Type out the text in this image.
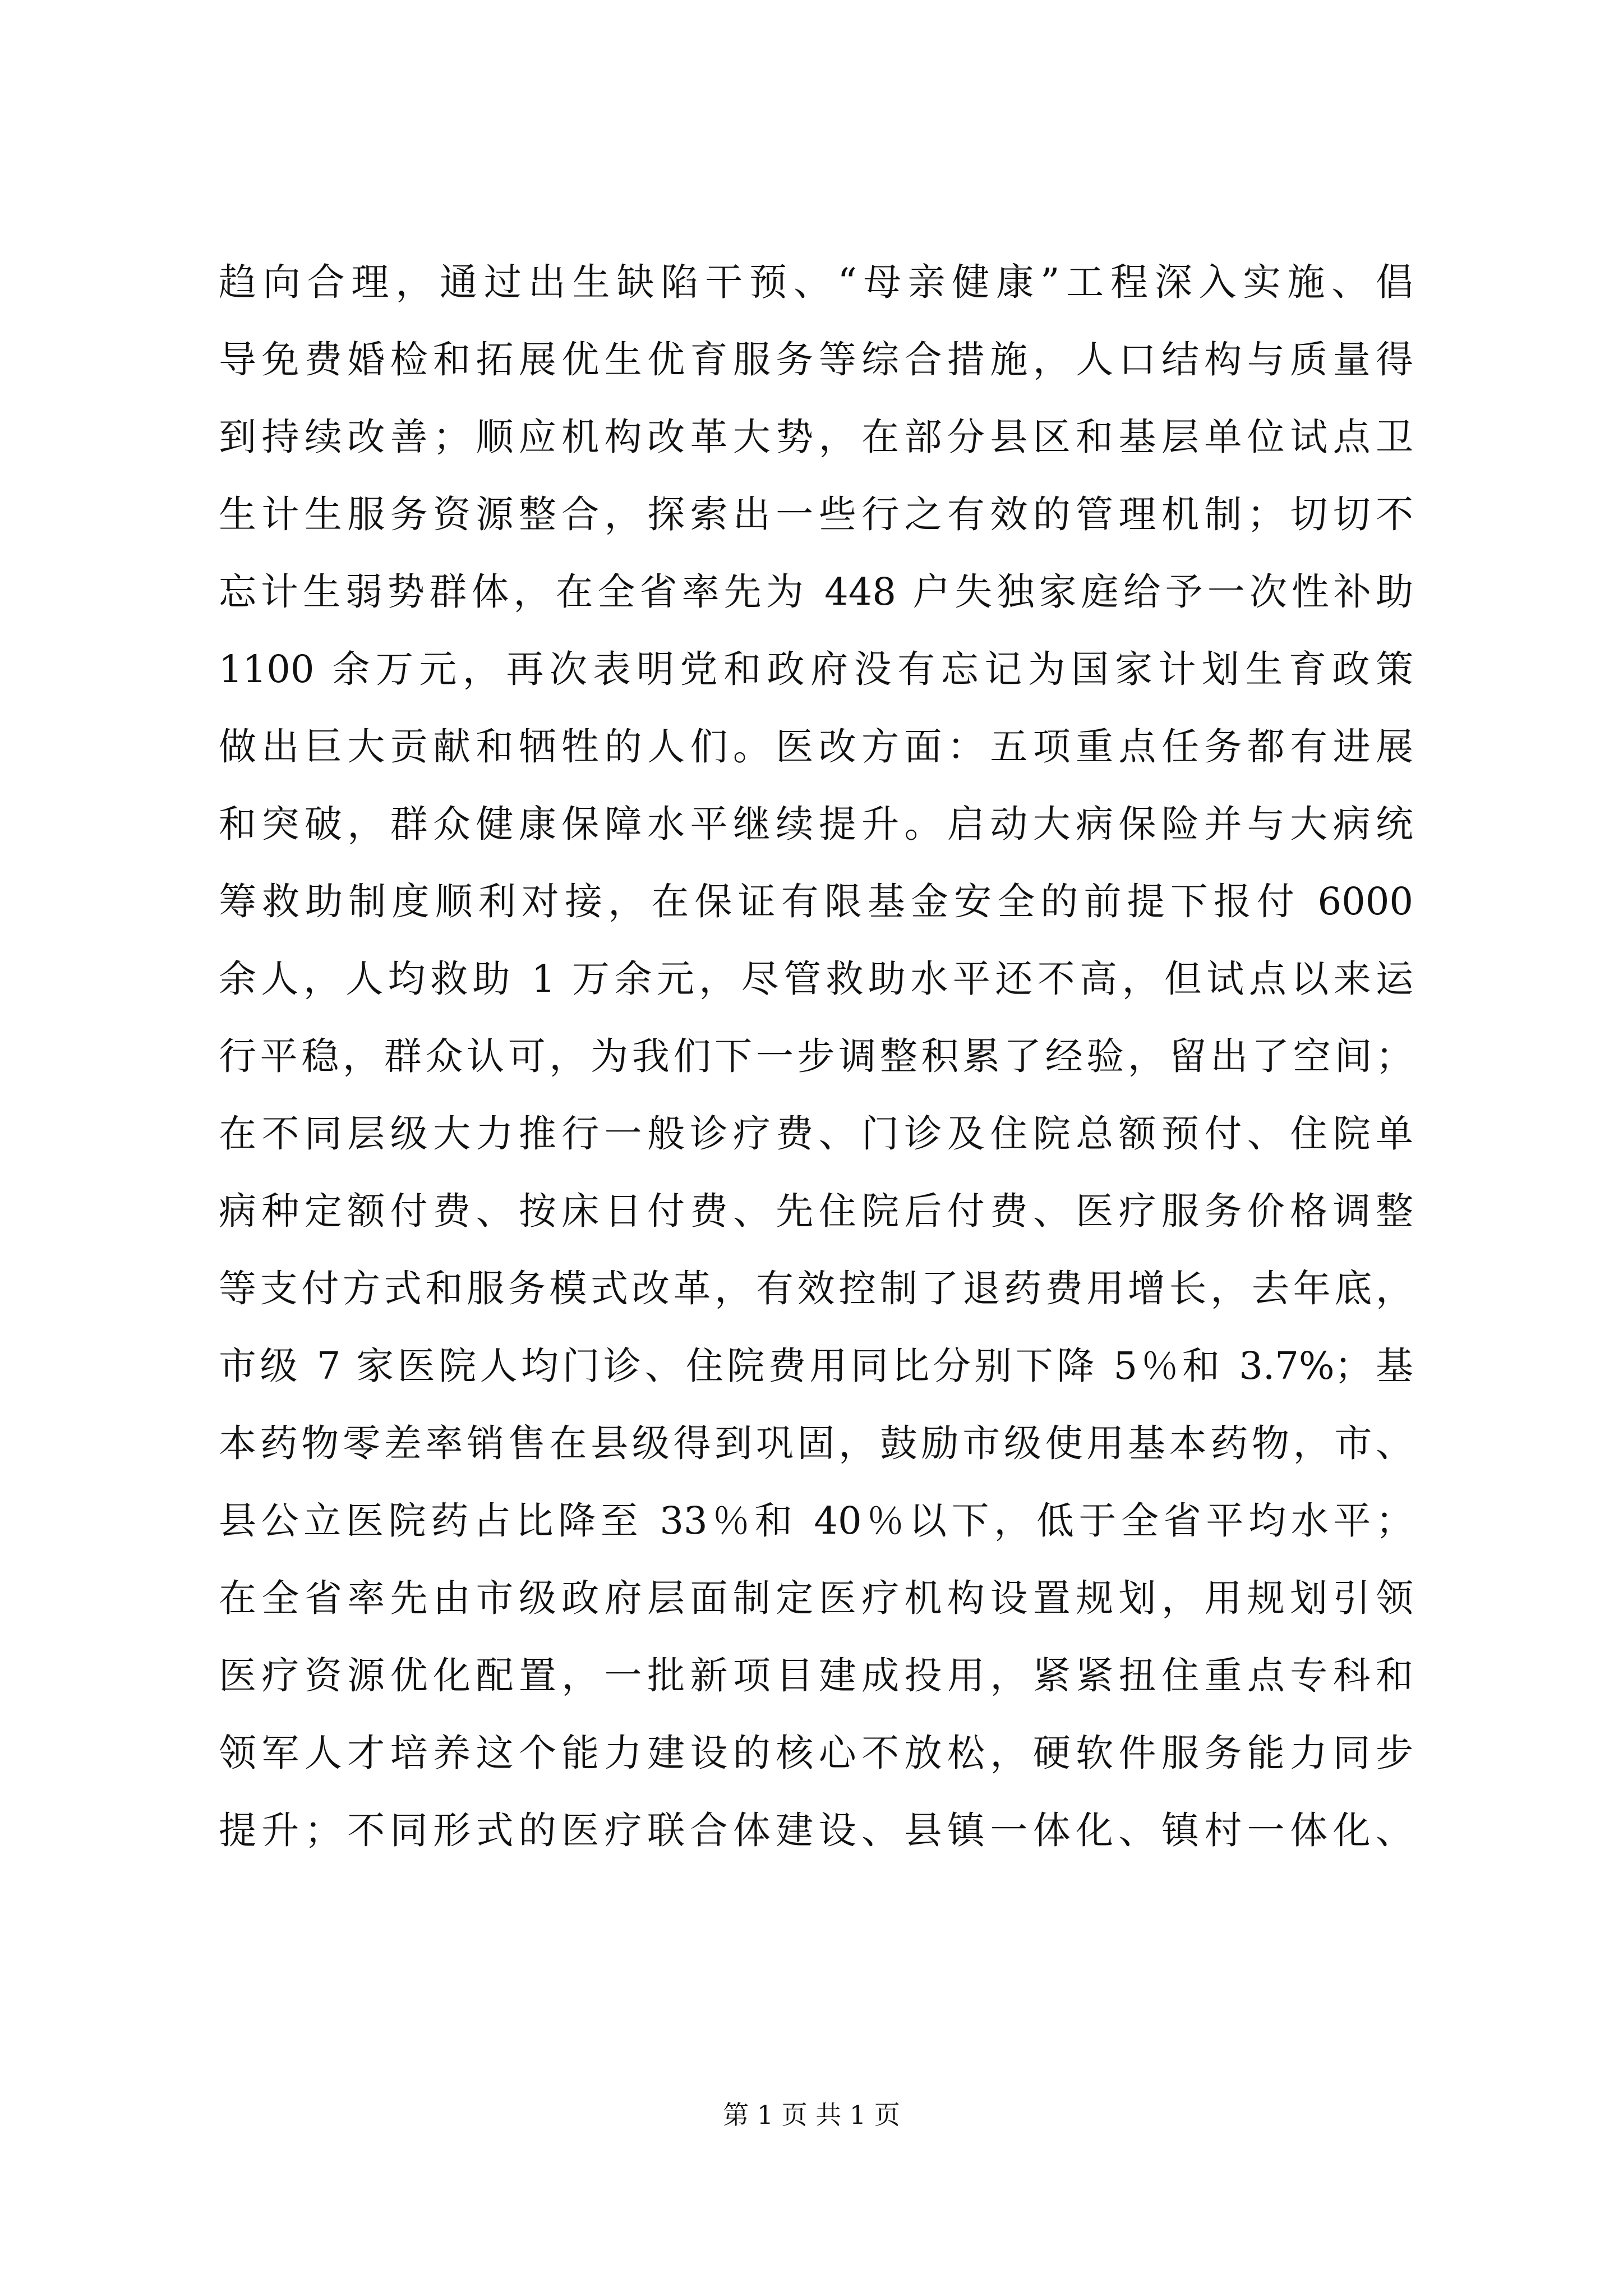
趋向合理，通过出生缺陷干预、“母亲健康”工程深入实施、倡
导免费婚检和拓展优生优育服务等综合措施，人口结构与质量得
到持续改善；顺应机构改革大势，在部分县区和基层单位试点卫
生计生服务资源整合，探索出一些行之有效的管理机制；切切不
忘计生弱势群体，在全省率先为 448 户失独家庭给予一次性补助
1100 余万元，再次表明党和政府没有忘记为国家计划生育政策
做出巨大贡献和牺牲的人们。医改方面：五项重点任务都有进展
和突破，群众健康保障水平继续提升。启动大病保险并与大病统
筹救助制度顺利对接，在保证有限基金安全的前提下报付 6000
余人，人均救助 1 万余元，尽管救助水平还不高，但试点以来运
行平稳，群众认可，为我们下一步调整积累了经验，留出了空间；
在不同层级大力推行一般诊疗费、门诊及住院总额预付、住院单
病种定额付费、按床日付费、先住院后付费、医疗服务价格调整
等支付方式和服务模式改革，有效控制了退药费用增长，去年底，
市级 7 家医院人均门诊、住院费用同比分别下降 5％和 3.7%；基
本药物零差率销售在县级得到巩固，鼓励市级使用基本药物，市、
县公立医院药占比降至 33％和 40％以下，低于全省平均水平；
在全省率先由市级政府层面制定医疗机构设置规划，用规划引领
医疗资源优化配置，一批新项目建成投用，紧紧扭住重点专科和
领军人才培养这个能力建设的核心不放松，硬软件服务能力同步
提升；不同形式的医疗联合体建设、县镇一体化、镇村一体化、
第 1 页 共 1 页
